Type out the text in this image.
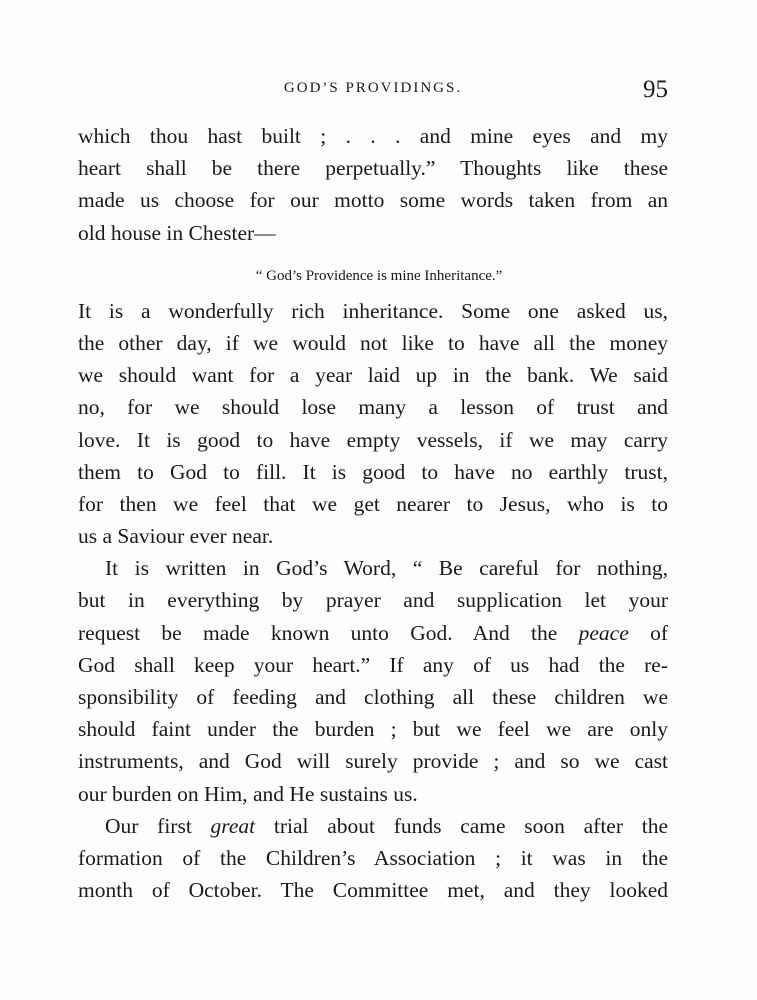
GOD’S PROVIDINGS.	95
which thou hast built ; . . . and mine eyes and my
heart shall be there perpetually.” Thoughts like these
made us choose for our motto some words taken from an
old house in Chester—
“ God’s Providence is mine Inheritance.”
It is a wonderfully rich inheritance. Some one asked us,
the other day, if we would not like to have all the money
we should want for a year laid up in the bank. We said
no, for we should lose many a lesson of trust and
love. It is good to have empty vessels, if we may carry
them to God to fill. It is good to have no earthly trust,
for then we feel that we get nearer to Jesus, who is to
us a Saviour ever near.
It is written in God’s Word, “ Be careful for nothing,
but in everything by prayer and supplication let your
request be made known unto God. And the peace of
God shall keep your heart.” If any of us had the re-
sponsibility of feeding and clothing all these children we
should faint under the burden ; but we feel we are only
instruments, and God will surely provide ; and so we cast
our burden on Him, and He sustains us.
Our first great trial about funds came soon after the
formation of the Children’s Association ; it was in the
month of October. The Committee met, and they looked
